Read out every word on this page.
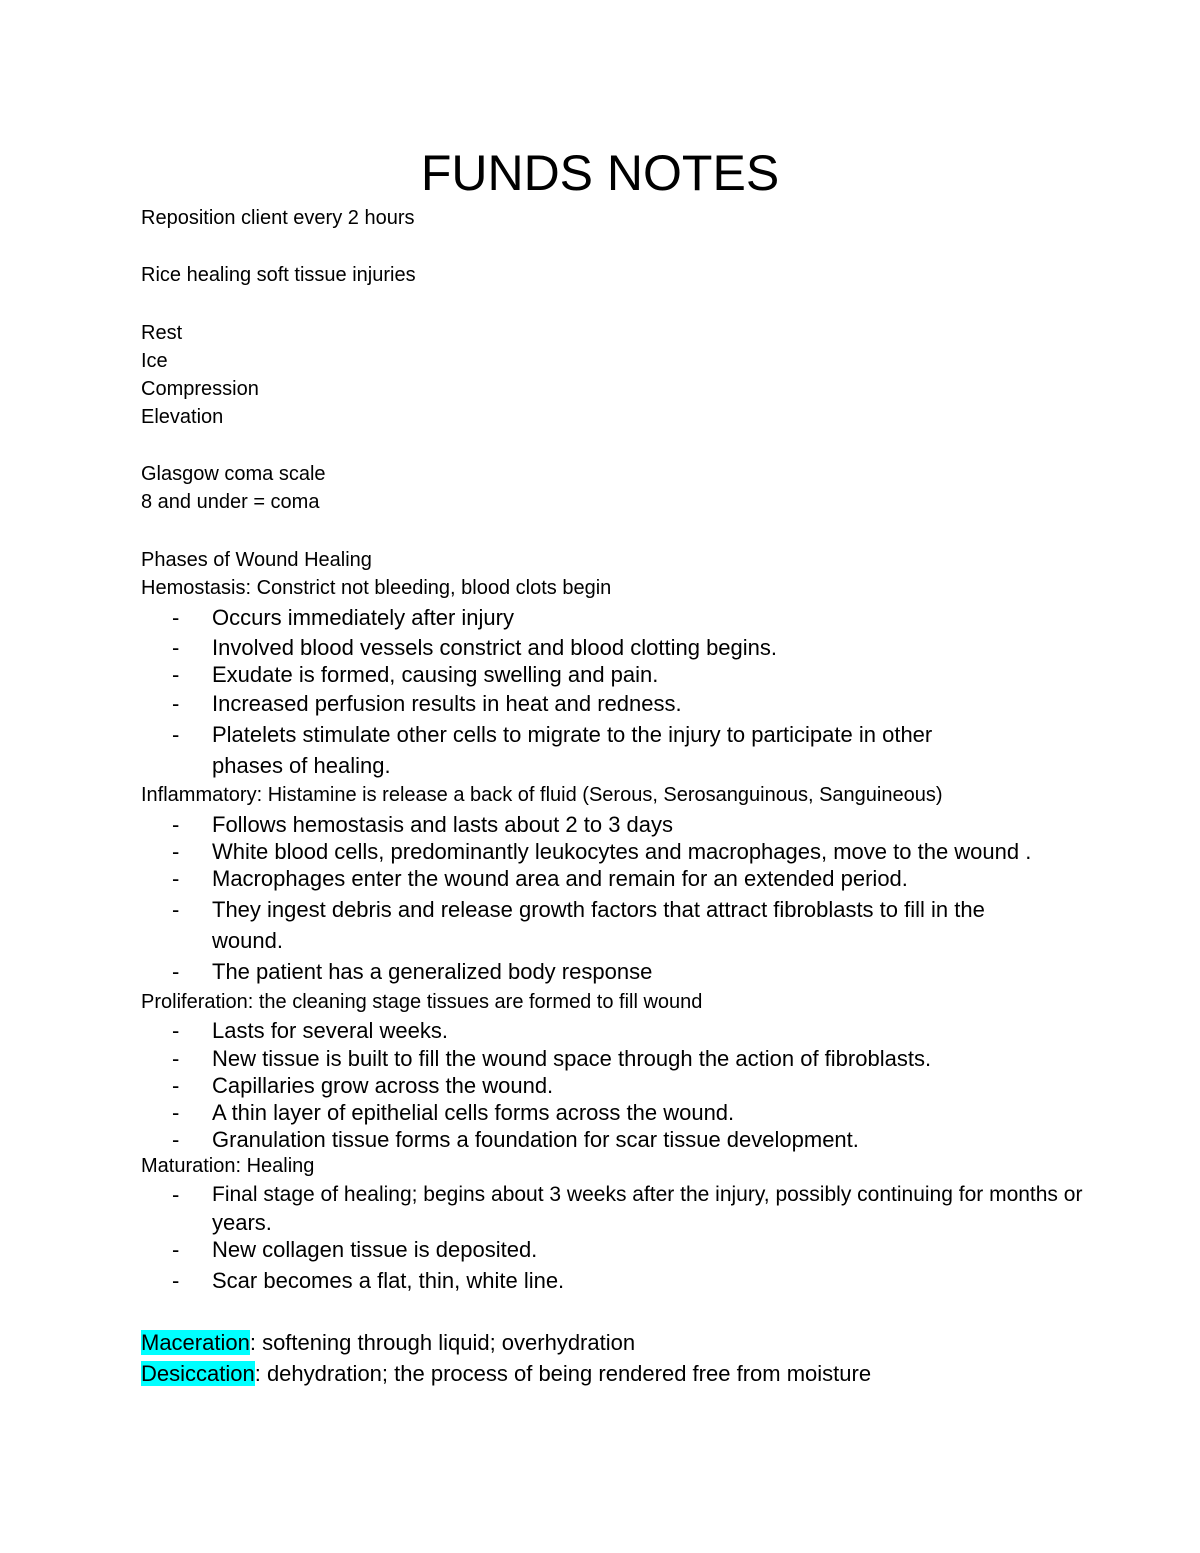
FUNDS NOTES
Reposition client every 2 hours
Rice healing soft tissue injuries
Rest
Ice
Compression
Elevation
Glasgow coma scale
8 and under = coma
Phases of Wound Healing
Hemostasis: Constrict not bleeding, blood clots begin
- Occurs immediately after injury
- Involved blood vessels constrict and blood clotting begins.
- Exudate is formed, causing swelling and pain.
- Increased perfusion results in heat and redness.
- Platelets stimulate other cells to migrate to the injury to participate in other
phases of healing.
Inflammatory: Histamine is release a back of fluid (Serous, Serosanguinous, Sanguineous)
- Follows hemostasis and lasts about 2 to 3 days
- White blood cells, predominantly leukocytes and macrophages, move to the wound .
- Macrophages enter the wound area and remain for an extended period.
- They ingest debris and release growth factors that attract fibroblasts to fill in the
wound.
- The patient has a generalized body response
Proliferation: the cleaning stage tissues are formed to fill wound
- Lasts for several weeks.
- New tissue is built to fill the wound space through the action of fibroblasts.
- Capillaries grow across the wound.
- A thin layer of epithelial cells forms across the wound.
- Granulation tissue forms a foundation for scar tissue development.
Maturation: Healing
- Final stage of healing; begins about 3 weeks after the injury, possibly continuing for months or
years.
- New collagen tissue is deposited.
- Scar becomes a flat, thin, white line.
Maceration: softening through liquid; overhydration
Desiccation: dehydration; the process of being rendered free from moisture
